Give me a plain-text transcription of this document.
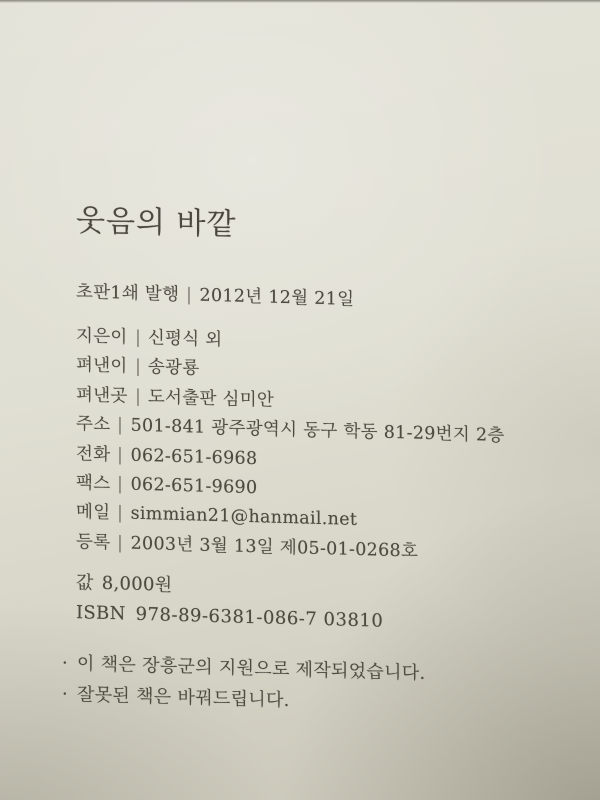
웃음의 바깥
초판1쇄 발행 | 2012년 12월 21일
지은이 | 신평식 외
펴낸이 | 송광룡
펴낸곳 | 도서출판 심미안
주소 | 501-841 광주광역시 동구 학동 81-29번지 2층
전화 | 062-651-6968
팩스 | 062-651-9690
메일 | simmian21@hanmail.net
등록 | 2003년 3월 13일 제05-01-0268호
값 8,000원
ISBN 978-89-6381-086-7 03810
· 이 책은 장흥군의 지원으로 제작되었습니다.
· 잘못된 책은 바꿔드립니다.
